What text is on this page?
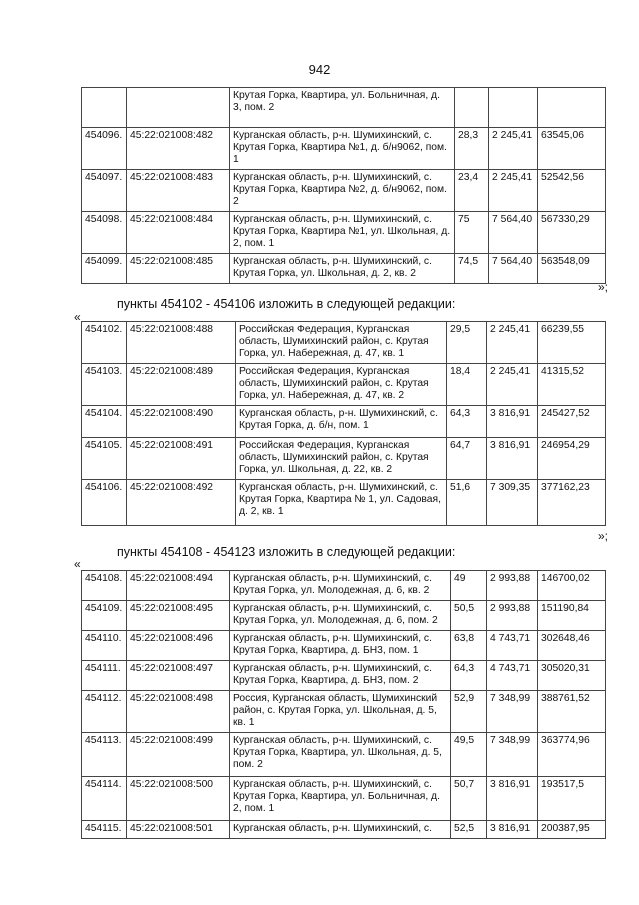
942
		Крутая Горка, Квартира, ул. Больничная, д. 3, пом. 2			
454096.	45:22:021008:482	Курганская область, р-н. Шумихинский, с. Крутая Горка, Квартира №1, д. б/н9062, пом. 1	28,3	2 245,41	63545,06
454097.	45:22:021008:483	Курганская область, р-н. Шумихинский, с. Крутая Горка, Квартира №2, д. б/н9062, пом. 2	23,4	2 245,41	52542,56
454098.	45:22:021008:484	Курганская область, р-н. Шумихинский, с. Крутая Горка, Квартира №1, ул. Школьная, д. 2, пом. 1	75	7 564,40	567330,29
454099.	45:22:021008:485	Курганская область, р-н. Шумихинский, с. Крутая Горка, ул. Школьная, д. 2, кв. 2	74,5	7 564,40	563548,09
»;
пункты 454102 - 454106 изложить в следующей редакции:
«
454102.	45:22:021008:488	Российская Федерация, Курганская область, Шумихинский район, с. Крутая Горка, ул. Набережная, д. 47, кв. 1	29,5	2 245,41	66239,55
454103.	45:22:021008:489	Российская Федерация, Курганская область, Шумихинский район, с. Крутая Горка, ул. Набережная, д. 47, кв. 2	18,4	2 245,41	41315,52
454104.	45:22:021008:490	Курганская область, р-н. Шумихинский, с. Крутая Горка, д. б/н, пом. 1	64,3	3 816,91	245427,52
454105.	45:22:021008:491	Российская Федерация, Курганская область, Шумихинский район, с. Крутая Горка, ул. Школьная, д. 22, кв. 2	64,7	3 816,91	246954,29
454106.	45:22:021008:492	Курганская область, р-н. Шумихинский, с. Крутая Горка, Квартира № 1, ул. Садовая, д. 2, кв. 1	51,6	7 309,35	377162,23
»;
пункты 454108 - 454123 изложить в следующей редакции:
«
454108.	45:22:021008:494	Курганская область, р-н. Шумихинский, с. Крутая Горка, ул. Молодежная, д. 6, кв. 2	49	2 993,88	146700,02
454109.	45:22:021008:495	Курганская область, р-н. Шумихинский, с. Крутая Горка, ул. Молодежная, д. 6, пом. 2	50,5	2 993,88	151190,84
454110.	45:22:021008:496	Курганская область, р-н. Шумихинский, с. Крутая Горка, Квартира, д. БН3, пом. 1	63,8	4 743,71	302648,46
454111.	45:22:021008:497	Курганская область, р-н. Шумихинский, с. Крутая Горка, Квартира, д. БН3, пом. 2	64,3	4 743,71	305020,31
454112.	45:22:021008:498	Россия, Курганская область, Шумихинский район, с. Крутая Горка, ул. Школьная, д. 5, кв. 1	52,9	7 348,99	388761,52
454113.	45:22:021008:499	Курганская область, р-н. Шумихинский, с. Крутая Горка, Квартира, ул. Школьная, д. 5, пом. 2	49,5	7 348,99	363774,96
454114.	45:22:021008:500	Курганская область, р-н. Шумихинский, с. Крутая Горка, Квартира, ул. Больничная, д. 2, пом. 1	50,7	3 816,91	193517,5
454115.	45:22:021008:501	Курганская область, р-н. Шумихинский, с.	52,5	3 816,91	200387,95
